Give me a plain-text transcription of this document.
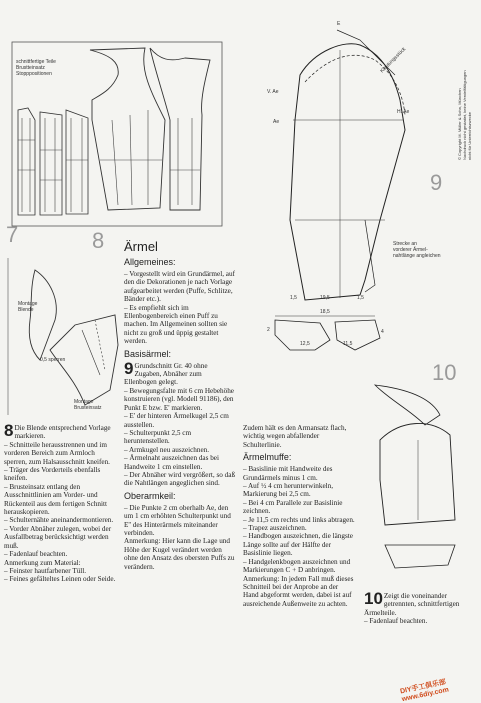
schnittfertige Teile
Brustteinsatz
Stopppositionen
7	8
Montage
Blende
0,5 sperren
Montage
Brusteinsatz
V. Ae
Ae
H. Ae
E
Kleidungsstück
Strecke an
vorderer Ärmel-
nahtlänge angleichen
18,5
19,5
1,5	1,5
2
12,5	11,5
4
9
10
© Copyright M. Müller & Sohn, München Nachdruck nicht gestattet, keine Vervielfältigungen nicht für Unterrichtszwecke

8 Die Blende entsprechend Vorlage markieren.

– Schnitteile herausstrennen und im vorderen Bereich zum Armloch sperren, zum Halsausschnitt kneifen.

– Träger des Vorderteils ebenfalls kneifen.

– Brusteinsatz entlang den Ausschnittlinien am Vorder- und Rückenteil aus dem fertigen Schnitt herauskopieren.

– Schulternähte aneinandermontieren.

– Vorder Abnäher zulegen, wobei der Ausfallbetrag berücksichtigt werden muß.

– Fadenlauf beachten.

Anmerkung zum Material:

– Feinster hautfarbener Tüll.

– Feines gefälteltes Leinen oder Seide.

Ärmel
Allgemeines:

– Vorgestellt wird ein Grundärmel, auf den die Dekorationen je nach Vorlage aufgearbeitet werden (Puffe, Schlitze, Bänder etc.).

– Es empfiehlt sich im Ellenbogenbereich einen Puff zu machen. Im Allgemeinen sollten sie nicht zu groß und üppig gestaltet werden.

Basisärmel:

9 Grundschnitt Gr. 40 ohne Zugaben, Abnäher zum Ellenbogen gelegt.

– Bewegungsfalte mit 6 cm Hebehöhe konstruieren (vgl. Modell 91186), den Punkt E bzw. E' markieren.

– E' der hinteren Ärmelkugel 2,5 cm ausstellen.

– Schulterpunkt 2,5 cm heruntenstellen.

– Armkugel neu auszeichnen.

– Ärmelnaht auszeichnen das bei Handweite 1 cm einstellen.

– Der Abnäher wird vergrößert, so daß die Nahtlängen angeglichen sind.

Oberarmkeil:

– Die Punkte 2 cm oberhalb Ae, den um 1 cm erhöhten Schulterpunkt und E'' des Hinterärmels miteinander verbinden.

Anmerkung: Hier kann die Lage und Höhe der Kugel verändert werden ohne den Ansatz des obersten Puffs zu verändern.

Zudem hält es den Armansatz flach, wichtig wegen abfallender Schulterlinie.

Ärmelmuffe:

– Basislinie mit Handweite des Grundärmels minus 1 cm.

– Auf ½ 4 cm herunterwinkeln, Markierung bei 2,5 cm.

– Bei 4 cm Parallele zur Basislinie zeichnen.

– Je 11,5 cm rechts und links abtragen.

– Trapez auszeichnen.

– Handbogen auszeichnen, die längste Länge sollte auf der Hälfte der Basislinie liegen.

– Handgelenkbogen auszeichnen und Markierungen C + D anbringen.

Anmerkung: In jedem Fall muß dieses Schnitteil bei der Anprobe an der Hand abgeformt werden, dabei ist auf ausreichende Außenweite zu achten. 10 Zeigt die voneinander getrennten, schnittfertigen Ärmelteile.

– Fadenlauf beachten.

DIY手工倶乐部 www.6diy.com
